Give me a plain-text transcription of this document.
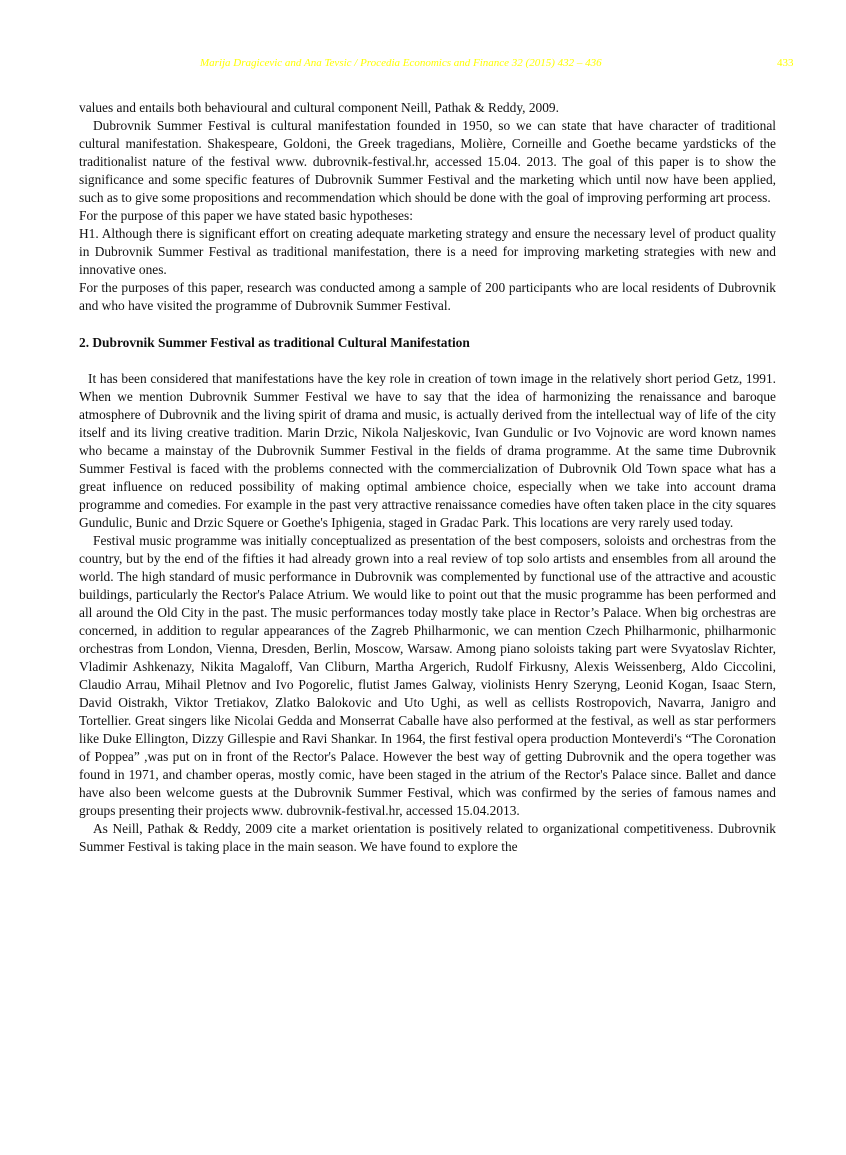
Marija Dragicevic and Ana Tevsic / Procedia Economics and Finance 32 (2015) 432 – 436	433

values and entails both behavioural and cultural component Neill, Pathak & Reddy, 2009.

Dubrovnik Summer Festival is cultural manifestation founded in 1950, so we can state that have character of traditional cultural manifestation. Shakespeare, Goldoni, the Greek tragedians, Molière, Corneille and Goethe became yardsticks of the traditionalist nature of the festival www. dubrovnik-festival.hr, accessed 15.04. 2013. The goal of this paper is to show the significance and some specific features of Dubrovnik Summer Festival and the marketing which until now have been applied, such as to give some propositions and recommendation which should be done with the goal of improving performing art process.

For the purpose of this paper we have stated basic hypotheses:

H1. Although there is significant effort on creating adequate marketing strategy and ensure the necessary level of product quality in Dubrovnik Summer Festival as traditional manifestation, there is a need for improving marketing strategies with new and innovative ones.

For the purposes of this paper, research was conducted among a sample of 200 participants who are local residents of Dubrovnik and who have visited the programme of Dubrovnik Summer Festival.

2. Dubrovnik Summer Festival as traditional Cultural Manifestation

It has been considered that manifestations have the key role in creation of town image in the relatively short period Getz, 1991. When we mention Dubrovnik Summer Festival we have to say that the idea of harmonizing the renaissance and baroque atmosphere of Dubrovnik and the living spirit of drama and music, is actually derived from the intellectual way of life of the city itself and its living creative tradition. Marin Drzic, Nikola Naljeskovic, Ivan Gundulic or Ivo Vojnovic are word known names who became a mainstay of the Dubrovnik Summer Festival in the fields of drama programme. At the same time Dubrovnik Summer Festival is faced with the problems connected with the commercialization of Dubrovnik Old Town space what has a great influence on reduced possibility of making optimal ambience choice, especially when we take into account drama programme and comedies. For example in the past very attractive renaissance comedies have often taken place in the city squares Gundulic, Bunic and Drzic Squere or Goethe's Iphigenia, staged in Gradac Park. This locations are very rarely used today.

Festival music programme was initially conceptualized as presentation of the best composers, soloists and orchestras from the country, but by the end of the fifties it had already grown into a real review of top solo artists and ensembles from all around the world. The high standard of music performance in Dubrovnik was complemented by functional use of the attractive and acoustic buildings, particularly the Rector's Palace Atrium. We would like to point out that the music programme has been performed and all around the Old City in the past. The music performances today mostly take place in Rector’s Palace. When big orchestras are concerned, in addition to regular appearances of the Zagreb Philharmonic, we can mention Czech Philharmonic, philharmonic orchestras from London, Vienna, Dresden, Berlin, Moscow, Warsaw. Among piano soloists taking part were Svyatoslav Richter, Vladimir Ashkenazy, Nikita Magaloff, Van Cliburn, Martha Argerich, Rudolf Firkusny, Alexis Weissenberg, Aldo Ciccolini, Claudio Arrau, Mihail Pletnov and Ivo Pogorelic, flutist James Galway, violinists Henry Szeryng, Leonid Kogan, Isaac Stern, David Oistrakh, Viktor Tretiakov, Zlatko Balokovic and Uto Ughi, as well as cellists Rostropovich, Navarra, Janigro and Tortellier. Great singers like Nicolai Gedda and Monserrat Caballe have also performed at the festival, as well as star performers like Duke Ellington, Dizzy Gillespie and Ravi Shankar. In 1964, the first festival opera production Monteverdi's “The Coronation of Poppea” ,was put on in front of the Rector's Palace. However the best way of getting Dubrovnik and the opera together was found in 1971, and chamber operas, mostly comic, have been staged in the atrium of the Rector's Palace since. Ballet and dance have also been welcome guests at the Dubrovnik Summer Festival, which was confirmed by the series of famous names and groups presenting their projects www. dubrovnik-festival.hr, accessed 15.04.2013.

As Neill, Pathak & Reddy, 2009 cite a market orientation is positively related to organizational competitiveness. Dubrovnik Summer Festival is taking place in the main season. We have found to explore the
